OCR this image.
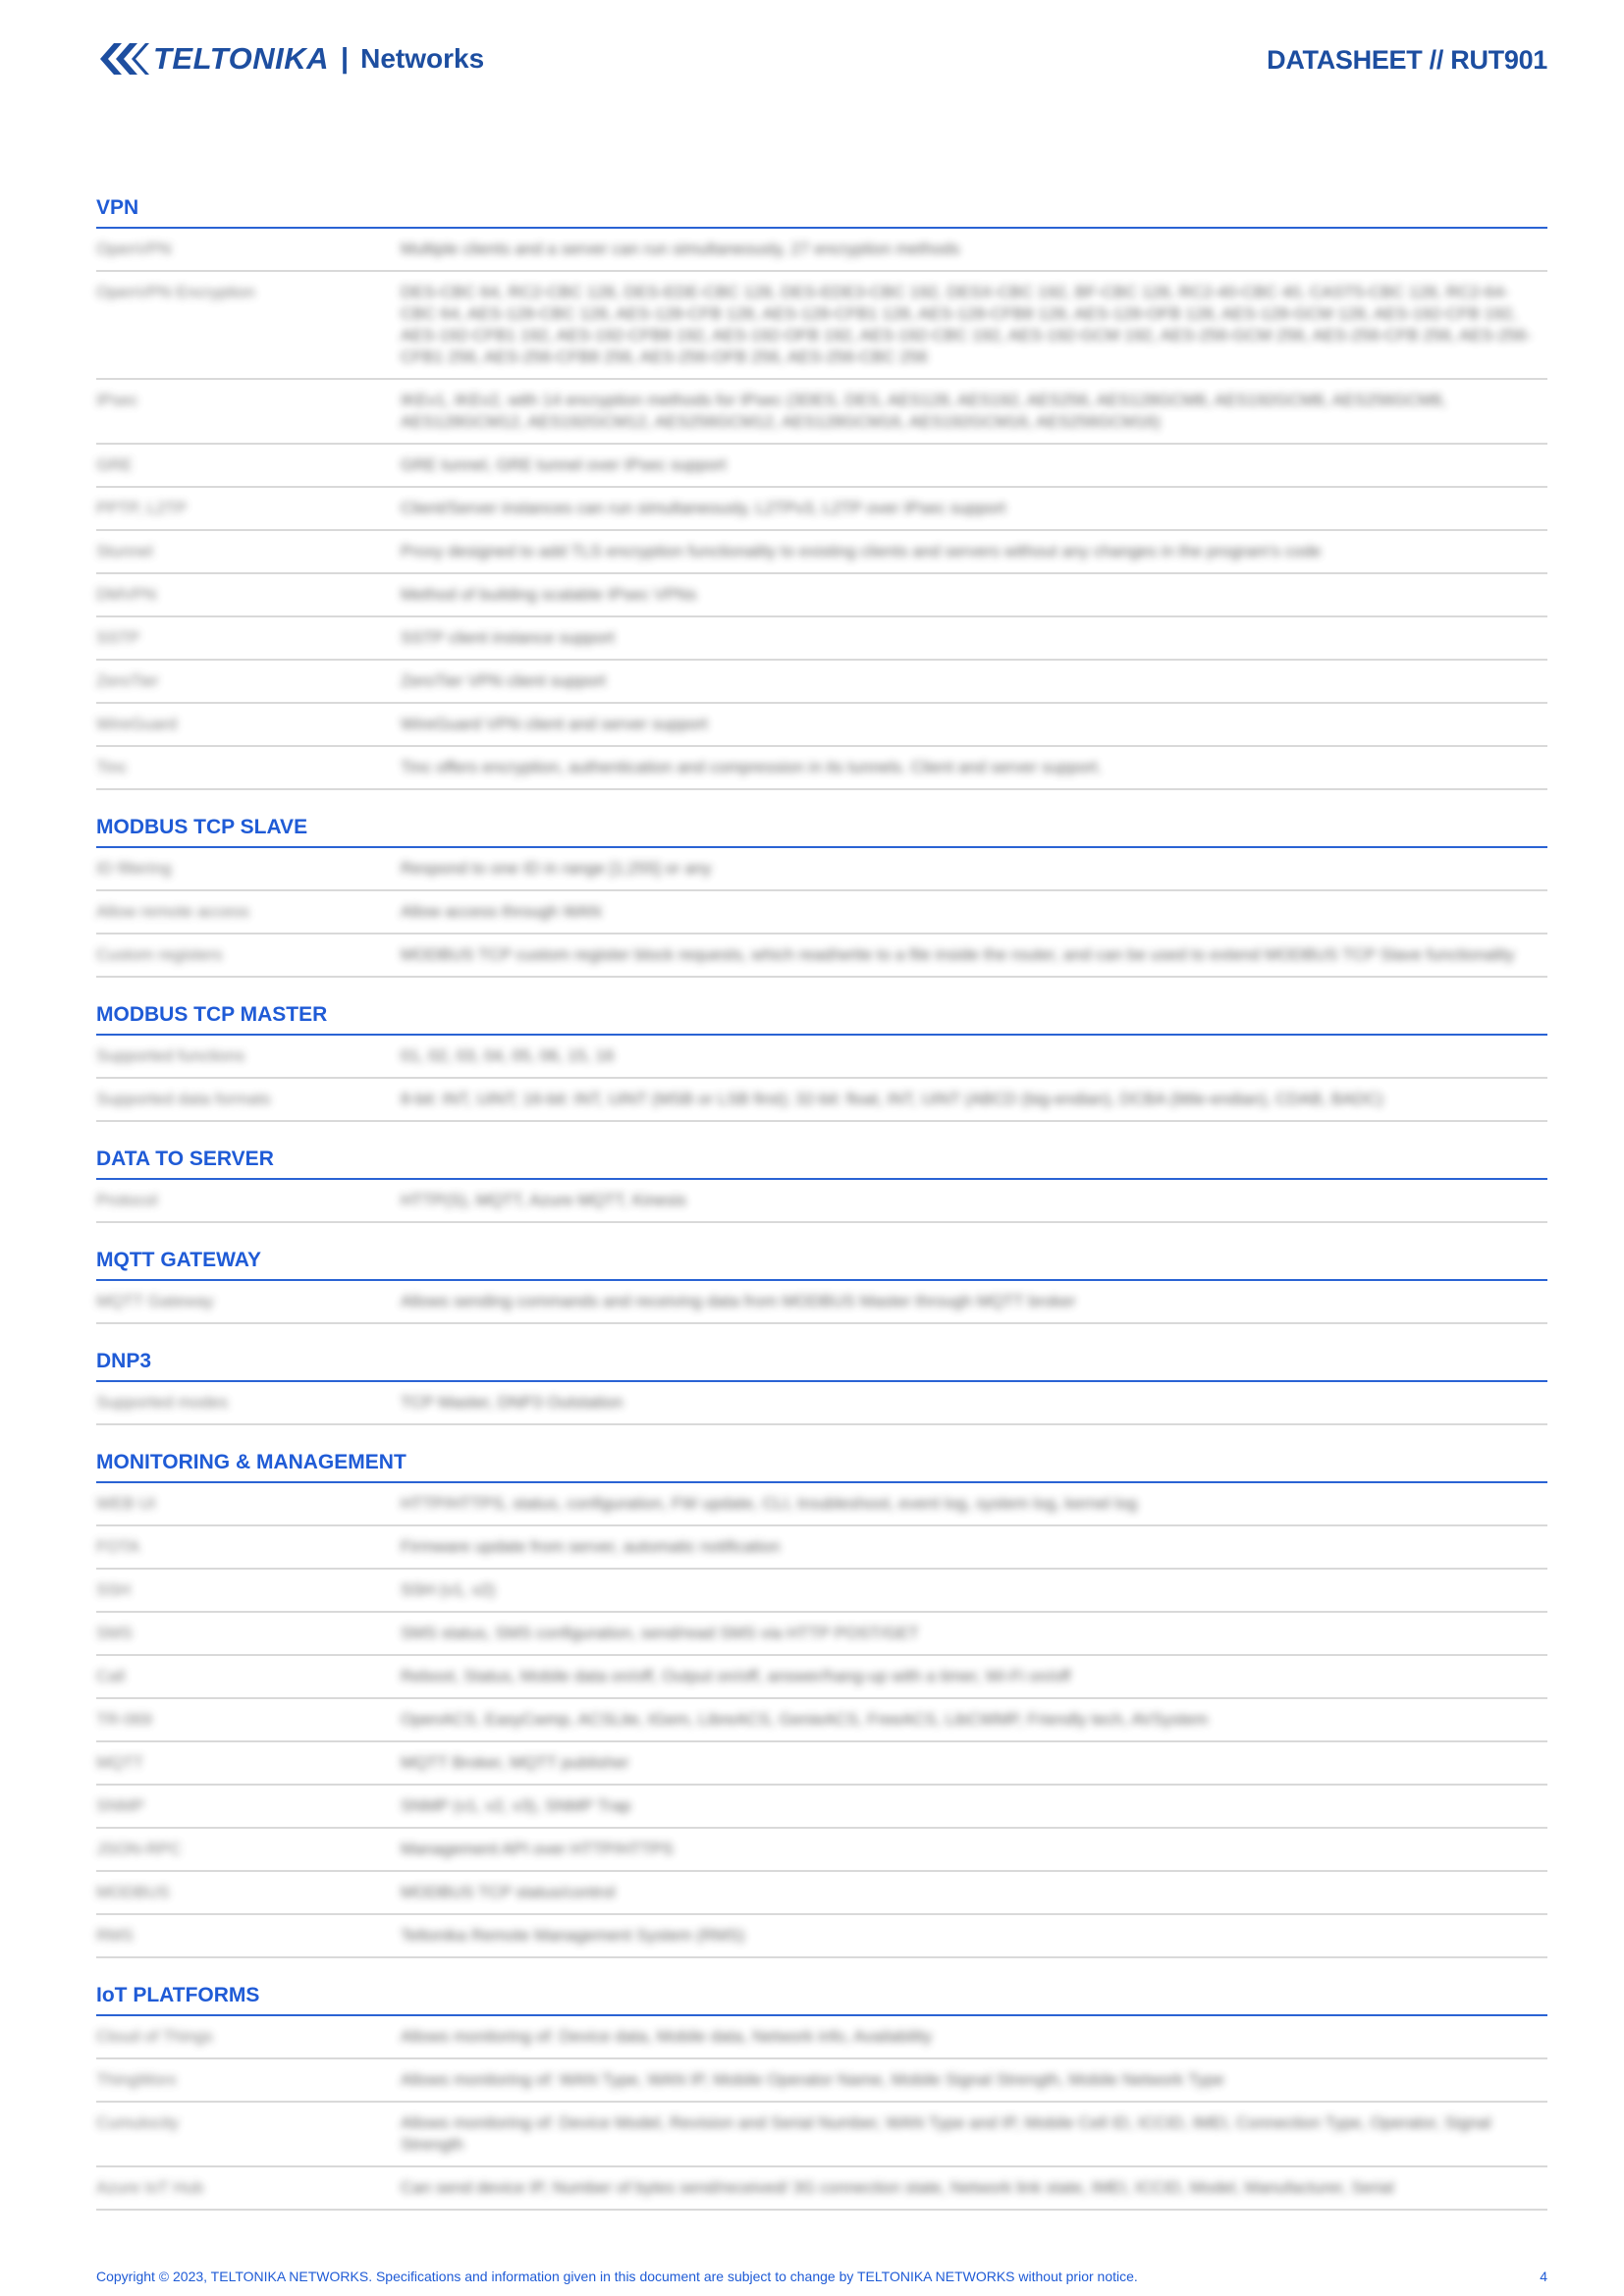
TELTONIKA | Networks	DATASHEET // RUT901
VPN
OpenVPN	Multiple clients and a server can run simultaneously, 27 encryption methods
OpenVPN Encryption	DES-CBC 64, RC2-CBC 128, DES-EDE-CBC 128, DES-EDE3-CBC 192, DESX-CBC 192, BF-CBC 128, RC2-40-CBC 40, CAST5-CBC 128, RC2-64-CBC 64, AES-128-CBC 128, AES-128-CFB 128, AES-128-CFB1 128, AES-128-CFB8 128, AES-128-OFB 128, AES-128-GCM 128, AES-192-CFB 192, AES-192-CFB1 192, AES-192-CFB8 192, AES-192-OFB 192, AES-192-CBC 192, AES-192-GCM 192, AES-256-GCM 256, AES-256-CFB 256, AES-256-CFB1 256, AES-256-CFB8 256, AES-256-OFB 256, AES-256-CBC 256
IPsec	IKEv1, IKEv2, with 14 encryption methods for IPsec (3DES, DES, AES128, AES192, AES256, AES128GCM8, AES192GCM8, AES256GCM8, AES128GCM12, AES192GCM12, AES256GCM12, AES128GCM16, AES192GCM16, AES256GCM16)
GRE	GRE tunnel, GRE tunnel over IPsec support
PPTP, L2TP	Client/Server instances can run simultaneously, L2TPv3, L2TP over IPsec support
Stunnel	Proxy designed to add TLS encryption functionality to existing clients and servers without any changes in the program's code
DMVPN	Method of building scalable IPsec VPNs
SSTP	SSTP client instance support
ZeroTier	ZeroTier VPN client support
WireGuard	WireGuard VPN client and server support
Tinc	Tinc offers encryption, authentication and compression in its tunnels. Client and server support.
MODBUS TCP SLAVE
ID filtering	Respond to one ID in range [1;255] or any
Allow remote access	Allow access through WAN
Custom registers	MODBUS TCP custom register block requests, which read/write to a file inside the router, and can be used to extend MODBUS TCP Slave functionality
MODBUS TCP MASTER
Supported functions	01, 02, 03, 04, 05, 06, 15, 16
Supported data formats	8-bit: INT, UINT; 16-bit: INT, UINT (MSB or LSB first); 32-bit: float, INT, UINT (ABCD (big-endian), DCBA (little-endian), CDAB, BADC)
DATA TO SERVER
Protocol	HTTP(S), MQTT, Azure MQTT, Kinesis
MQTT GATEWAY
MQTT Gateway	Allows sending commands and receiving data from MODBUS Master through MQTT broker
DNP3
Supported modes	TCP Master, DNP3 Outstation
MONITORING & MANAGEMENT
WEB UI	HTTP/HTTPS, status, configuration, FW update, CLI, troubleshoot, event log, system log, kernel log
FOTA	Firmware update from server, automatic notification
SSH	SSH (v1, v2)
SMS	SMS status, SMS configuration, send/read SMS via HTTP POST/GET
Call	Reboot, Status, Mobile data on/off, Output on/off, answer/hang-up with a timer, Wi-Fi on/off
TR-069	OpenACS, EasyCwmp, ACSLite, tGem, LibreACS, GenieACS, FreeACS, LibCWMP, Friendly tech, AVSystem
MQTT	MQTT Broker, MQTT publisher
SNMP	SNMP (v1, v2, v3), SNMP Trap
JSON-RPC	Management API over HTTP/HTTPS
MODBUS	MODBUS TCP status/control
RMS	Teltonika Remote Management System (RMS)
IoT PLATFORMS
Cloud of Things	Allows monitoring of: Device data, Mobile data, Network info, Availability
ThingWorx	Allows monitoring of: WAN Type, WAN IP, Mobile Operator Name, Mobile Signal Strength, Mobile Network Type
Cumulocity	Allows monitoring of: Device Model, Revision and Serial Number, WAN Type and IP, Mobile Cell ID, ICCID, IMEI, Connection Type, Operator, Signal Strength
Azure IoT Hub	Can send device IP, Number of bytes send/received/ 3G connection state, Network link state, IMEI, ICCID, Model, Manufacturer, Serial
Copyright © 2023, TELTONIKA NETWORKS. Specifications and information given in this document are subject to change by TELTONIKA NETWORKS without prior notice.	4
